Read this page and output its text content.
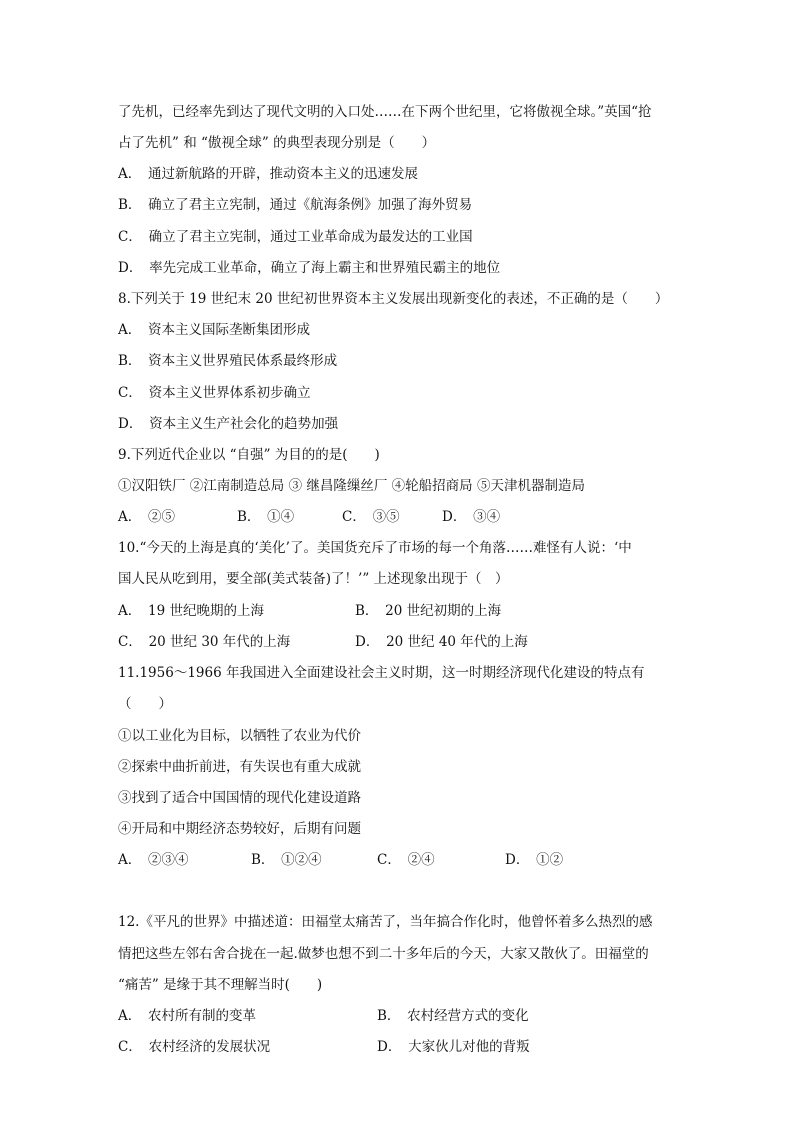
了先机，已经率先到达了现代文明的入口处……在下两个世纪里，它将傲视全球。”英国“抢
占了先机” 和 “傲视全球” 的典型表现分别是（　　）
A．　通过新航路的开辟，推动资本主义的迅速发展
B．　确立了君主立宪制，通过《航海条例》加强了海外贸易
C．　确立了君主立宪制，通过工业革命成为最发达的工业国
D．　率先完成工业革命，确立了海上霸主和世界殖民霸主的地位
8.下列关于 19 世纪末 20 世纪初世界资本主义发展出现新变化的表述，不正确的是（　　）
A．　资本主义国际垄断集团形成
B．　资本主义世界殖民体系最终形成
C．　资本主义世界体系初步确立
D．　资本主义生产社会化的趋势加强
9.下列近代企业以 “自强” 为目的的是(　　)
①汉阳铁厂 ②江南制造总局 ③ 继昌隆缫丝厂 ④轮船招商局 ⑤天津机器制造局
A．　②⑤	B．　①④	C．　③⑤	D．　③④
10.“今天的上海是真的‘美化’了。美国货充斥了市场的每一个角落……难怪有人说：‘中
国人民从吃到用，要全部(美式装备)了！’” 上述现象出现于（　）
A．　19 世纪晚期的上海	B．　20 世纪初期的上海
C．　20 世纪 30 年代的上海	D．　20 世纪 40 年代的上海
11.1956～1966 年我国进入全面建设社会主义时期，这一时期经济现代化建设的特点有
（　　）
①以工业化为目标，以牺牲了农业为代价
②探索中曲折前进，有失误也有重大成就
③找到了适合中国国情的现代化建设道路
④开局和中期经济态势较好，后期有问题
A．　②③④	B．　①②④	C．　②④	D．　①②
12.《平凡的世界》中描述道：田福堂太痛苦了，当年搞合作化时，他曾怀着多么热烈的感
情把这些左邻右舍合拢在一起.做梦也想不到二十多年后的今天，大家又散伙了。田福堂的
“痛苦” 是缘于其不理解当时(　　)
A．　农村所有制的变革	B．　农村经营方式的变化
C．　农村经济的发展状况	D．　大家伙儿对他的背叛
